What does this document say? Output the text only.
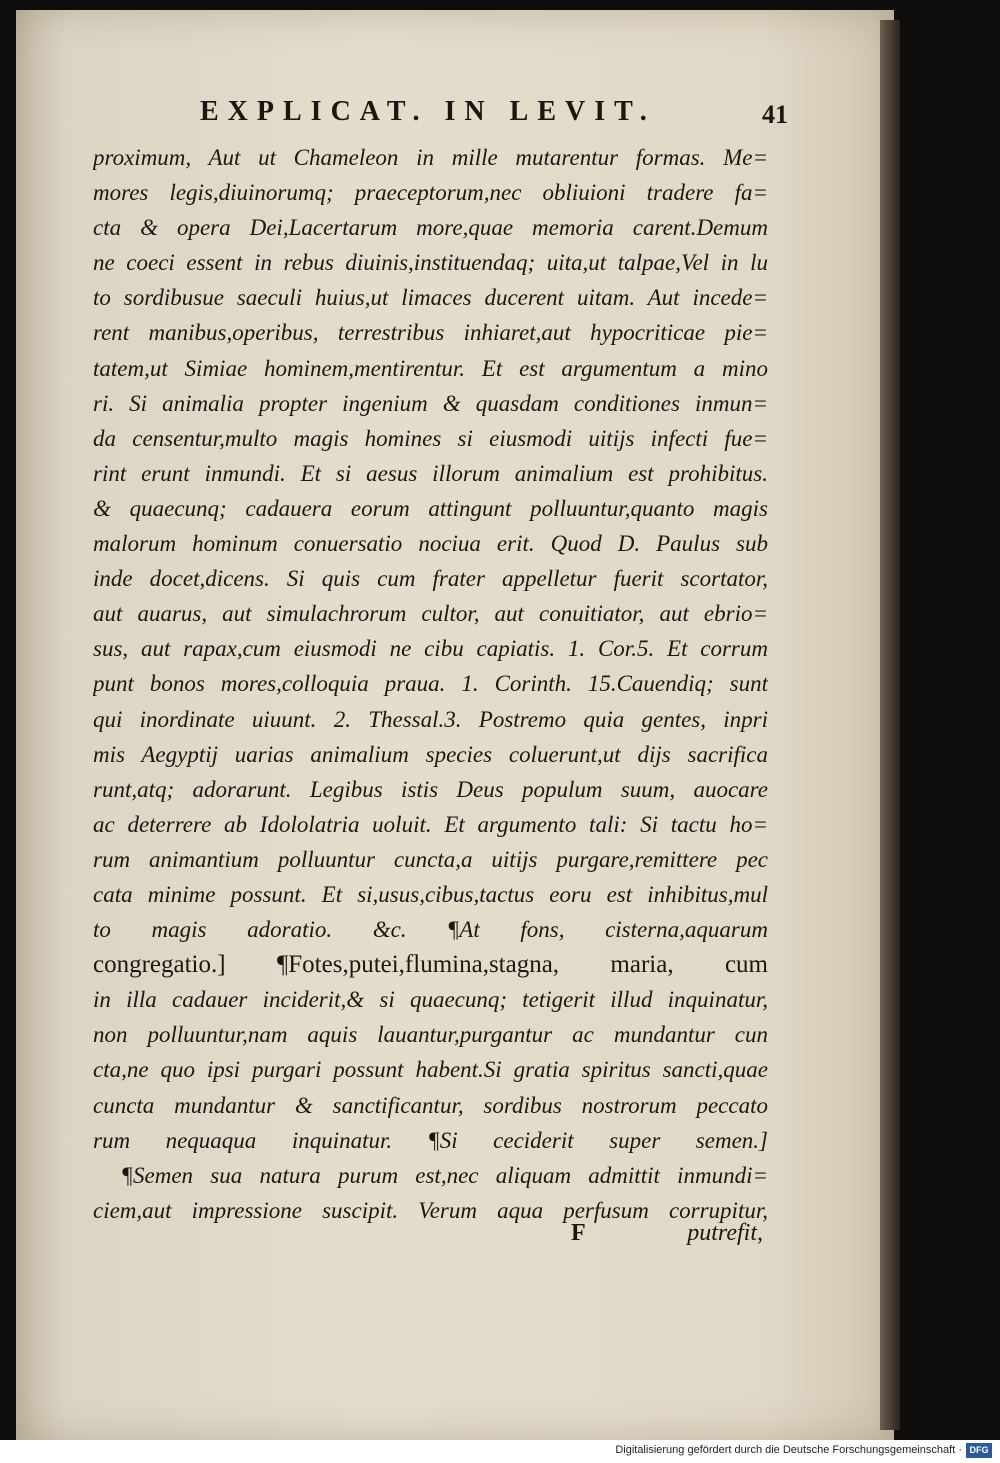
EXPLICAT. IN LEVIT.	41
proximum, Aut ut Chameleon in mille mutarentur formas. Me=
mores legis,diuinorumq; praeceptorum,nec obliuioni tradere fa=
cta & opera Dei,Lacertarum more,quae memoria carent.Demum
ne coeci essent in rebus diuinis,instituendaq; uita,ut talpae,Vel in lu
to sordibusue saeculi huius,ut limaces ducerent uitam. Aut incede=
rent manibus,operibus, terrestribus inhiaret,aut hypocriticae pie=
tatem,ut Simiae hominem,mentirentur. Et est argumentum a mino
ri. Si animalia propter ingenium & quasdam conditiones inmun=
da censentur,multo magis homines si eiusmodi uitijs infecti fue=
rint erunt inmundi. Et si aesus illorum animalium est prohibitus.
& quaecunq; cadauera eorum attingunt polluuntur,quanto magis
malorum hominum conuersatio nociua erit. Quod D. Paulus sub
inde docet,dicens. Si quis cum frater appelletur fuerit scortator,
aut auarus, aut simulachrorum cultor, aut conuitiator, aut ebrio=
sus, aut rapax,cum eiusmodi ne cibu capiatis. 1. Cor.5. Et corrum
punt bonos mores,colloquia praua. 1. Corinth. 15.Cauendiq; sunt
qui inordinate uiuunt. 2. Thessal.3. Postremo quia gentes, inpri
mis Aegyptij uarias animalium species coluerunt,ut dijs sacrifica
runt,atq; adorarunt. Legibus istis Deus populum suum, auocare
ac deterrere ab Idololatria uoluit. Et argumento tali: Si tactu ho=
rum animantium polluuntur cuncta,a uitijs purgare,remittere pec
cata minime possunt. Et si,usus,cibus,tactus eoru est inhibitus,mul
to magis adoratio. &c. ¶At fons, cisterna,aquarum
congregatio.] ¶Fotes,putei,flumina,stagna, maria, cum
in illa cadauer inciderit,& si quaecunq; tetigerit illud inquinatur,
non polluuntur,nam aquis lauantur,purgantur ac mundantur cun
cta,ne quo ipsi purgari possunt habent.Si gratia spiritus sancti,quae
cuncta mundantur & sanctificantur, sordibus nostrorum peccato
rum nequaqua inquinatur. ¶Si ceciderit super semen.]
¶Semen sua natura purum est,nec aliquam admittit inmundi=
ciem,aut impressione suscipit. Verum aqua perfusum corrupitur,
F	putrefit,
Digitalisierung gefördert durch die Deutsche Forschungsgemeinschaft · DFG
